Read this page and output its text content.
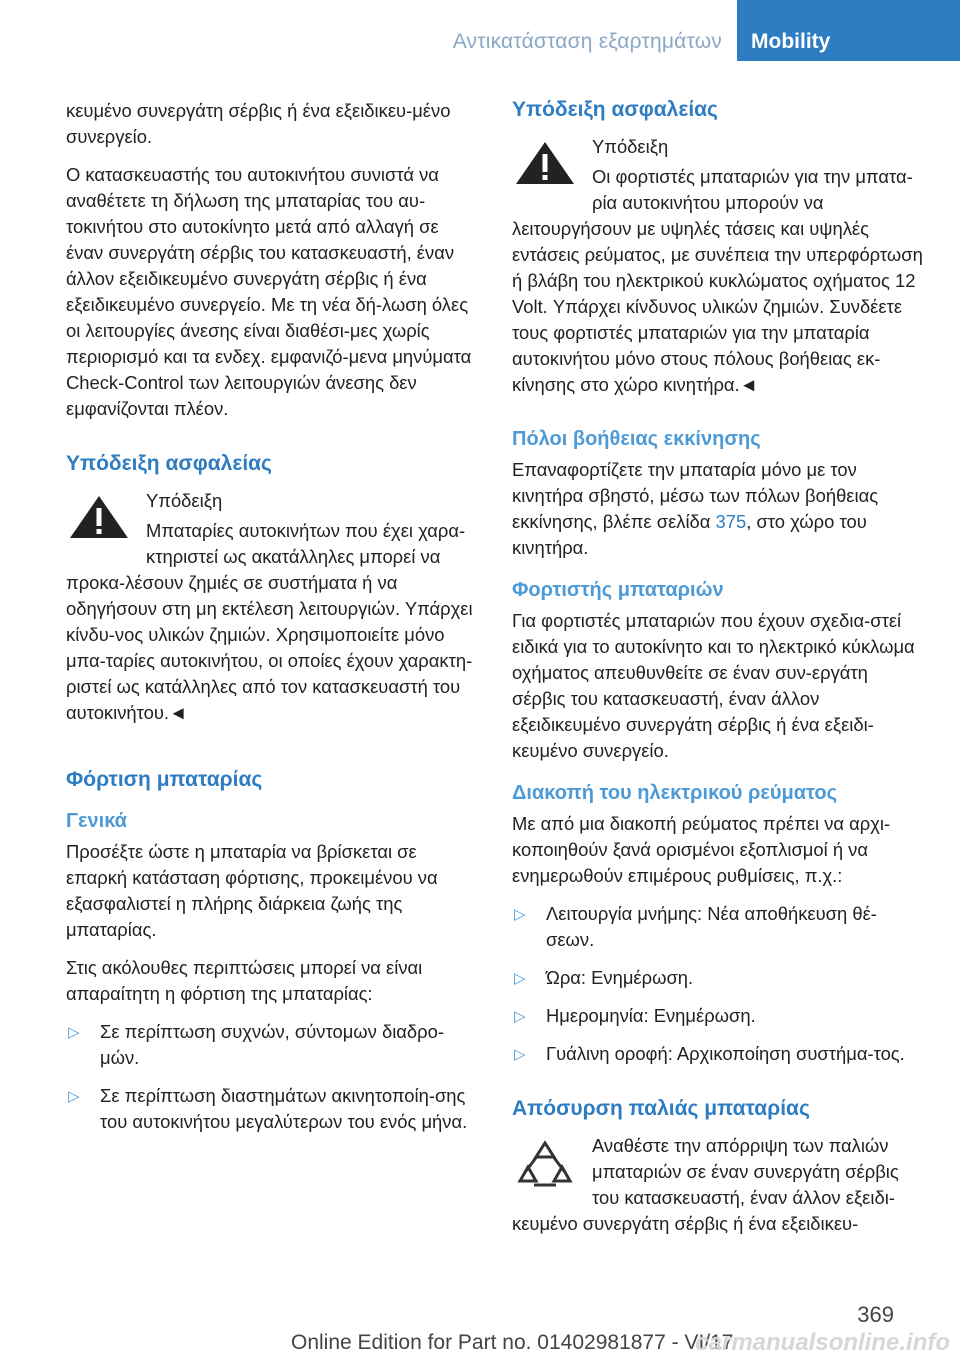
Αντικατάσταση εξαρτημάτων	Mobility

κευμένο συνεργάτη σέρβις ή ένα εξειδικευ-μένο συνεργείο.

Ο κατασκευαστής του αυτοκινήτου συνιστά να αναθέτετε τη δήλωση της μπαταρίας του αυ-τοκινήτου στο αυτοκίνητο μετά από αλλαγή σε έναν συνεργάτη σέρβις του κατασκευαστή, έναν άλλον εξειδικευμένο συνεργάτη σέρβις ή ένα εξειδικευμένο συνεργείο. Με τη νέα δή-λωση όλες οι λειτουργίες άνεσης είναι διαθέσι-μες χωρίς περιορισμό και τα ενδεχ. εμφανιζό-μενα μηνύματα Check-Control των λειτουργιών άνεσης δεν εμφανίζονται πλέον.

Υπόδειξη ασφαλείας

Υπόδειξη

Μπαταρίες αυτοκινήτων που έχει χαρα-κτηριστεί ως ακατάλληλες μπορεί να προκα-λέσουν ζημιές σε συστήματα ή να οδηγήσουν στη μη εκτέλεση λειτουργιών. Υπάρχει κίνδυ-νος υλικών ζημιών. Χρησιμοποιείτε μόνο μπα-ταρίες αυτοκινήτου, οι οποίες έχουν χαρακτη-ριστεί ως κατάλληλες από τον κατασκευαστή του αυτοκινήτου.◄

Φόρτιση μπαταρίας
Γενικά

Προσέξτε ώστε η μπαταρία να βρίσκεται σε επαρκή κατάσταση φόρτισης, προκειμένου να εξασφαλιστεί η πλήρης διάρκεια ζωής της μπαταρίας.

Στις ακόλουθες περιπτώσεις μπορεί να είναι απαραίτητη η φόρτιση της μπαταρίας:

▷ Σε περίπτωση συχνών, σύντομων διαδρο-μών.
▷ Σε περίπτωση διαστημάτων ακινητοποίη-σης του αυτοκινήτου μεγαλύτερων του ενός μήνα.
Υπόδειξη ασφαλείας

Υπόδειξη

Οι φορτιστές μπαταριών για την μπατα-ρία αυτοκινήτου μπορούν να λειτουργήσουν με υψηλές τάσεις και υψηλές εντάσεις ρεύματος, με συνέπεια την υπερφόρτωση ή βλάβη του ηλεκτρικού κυκλώματος οχήματος 12 Volt. Υπάρχει κίνδυνος υλικών ζημιών. Συνδέετε τους φορτιστές μπαταριών για την μπαταρία αυτοκινήτου μόνο στους πόλους βοήθειας εκ-κίνησης στο χώρο κινητήρα.◄

Πόλοι βοήθειας εκκίνησης

Επαναφορτίζετε την μπαταρία μόνο με τον κινητήρα σβηστό, μέσω των πόλων βοήθειας εκκίνησης, βλέπε σελίδα 375, στο χώρο του κινητήρα.

Φορτιστής μπαταριών

Για φορτιστές μπαταριών που έχουν σχεδια-στεί ειδικά για το αυτοκίνητο και το ηλεκτρικό κύκλωμα οχήματος απευθυνθείτε σε έναν συν-εργάτη σέρβις του κατασκευαστή, έναν άλλον εξειδικευμένο συνεργάτη σέρβις ή ένα εξειδι-κευμένο συνεργείο.

Διακοπή του ηλεκτρικού ρεύματος

Με από μια διακοπή ρεύματος πρέπει να αρχι-κοποιηθούν ξανά ορισμένοι εξοπλισμοί ή να ενημερωθούν επιμέρους ρυθμίσεις, π.χ.:

▷ Λειτουργία μνήμης: Νέα αποθήκευση θέ-σεων.
▷ Ώρα: Ενημέρωση.
▷ Ημερομηνία: Ενημέρωση.
▷ Γυάλινη οροφή: Αρχικοποίηση συστήμα-τος.
Απόσυρση παλιάς μπαταρίας

Αναθέστε την απόρριψη των παλιών μπαταριών σε έναν συνεργάτη σέρβις του κατασκευαστή, έναν άλλον εξειδι-κευμένο συνεργάτη σέρβις ή ένα εξειδικευ-

369
Online Edition for Part no. 01402981877 - VI/17
carmanualsonline.info
